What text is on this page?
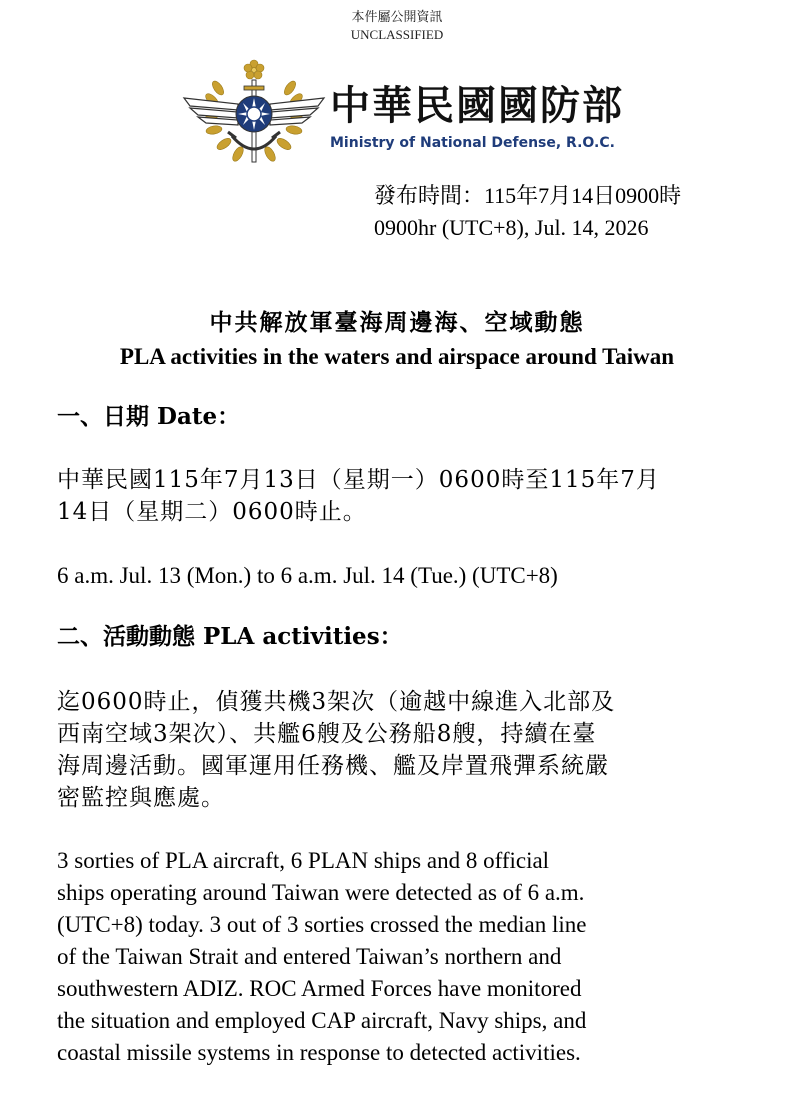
本件屬公開資訊
UNCLASSIFIED
中華民國國防部
Ministry of National Defense, R.O.C.
發布時間：115年7月14日0900時
0900hr (UTC+8), Jul. 14, 2026
中共解放軍臺海周邊海、空域動態
PLA activities in the waters and airspace around Taiwan
一、日期 Date：
中華民國115年7月13日（星期一）0600時至115年7月
14日（星期二）0600時止。
6 a.m. Jul. 13 (Mon.) to 6 a.m. Jul. 14 (Tue.) (UTC+8)
二、活動動態 PLA activities：
迄0600時止，偵獲共機3架次（逾越中線進入北部及
西南空域3架次）、共艦6艘及公務船8艘，持續在臺
海周邊活動。國軍運用任務機、艦及岸置飛彈系統嚴
密監控與應處。
3 sorties of PLA aircraft, 6 PLAN ships and 8 official
ships operating around Taiwan were detected as of 6 a.m.
(UTC+8) today. 3 out of 3 sorties crossed the median line
of the Taiwan Strait and entered Taiwan’s northern and
southwestern ADIZ. ROC Armed Forces have monitored
the situation and employed CAP aircraft, Navy ships, and
coastal missile systems in response to detected activities.
